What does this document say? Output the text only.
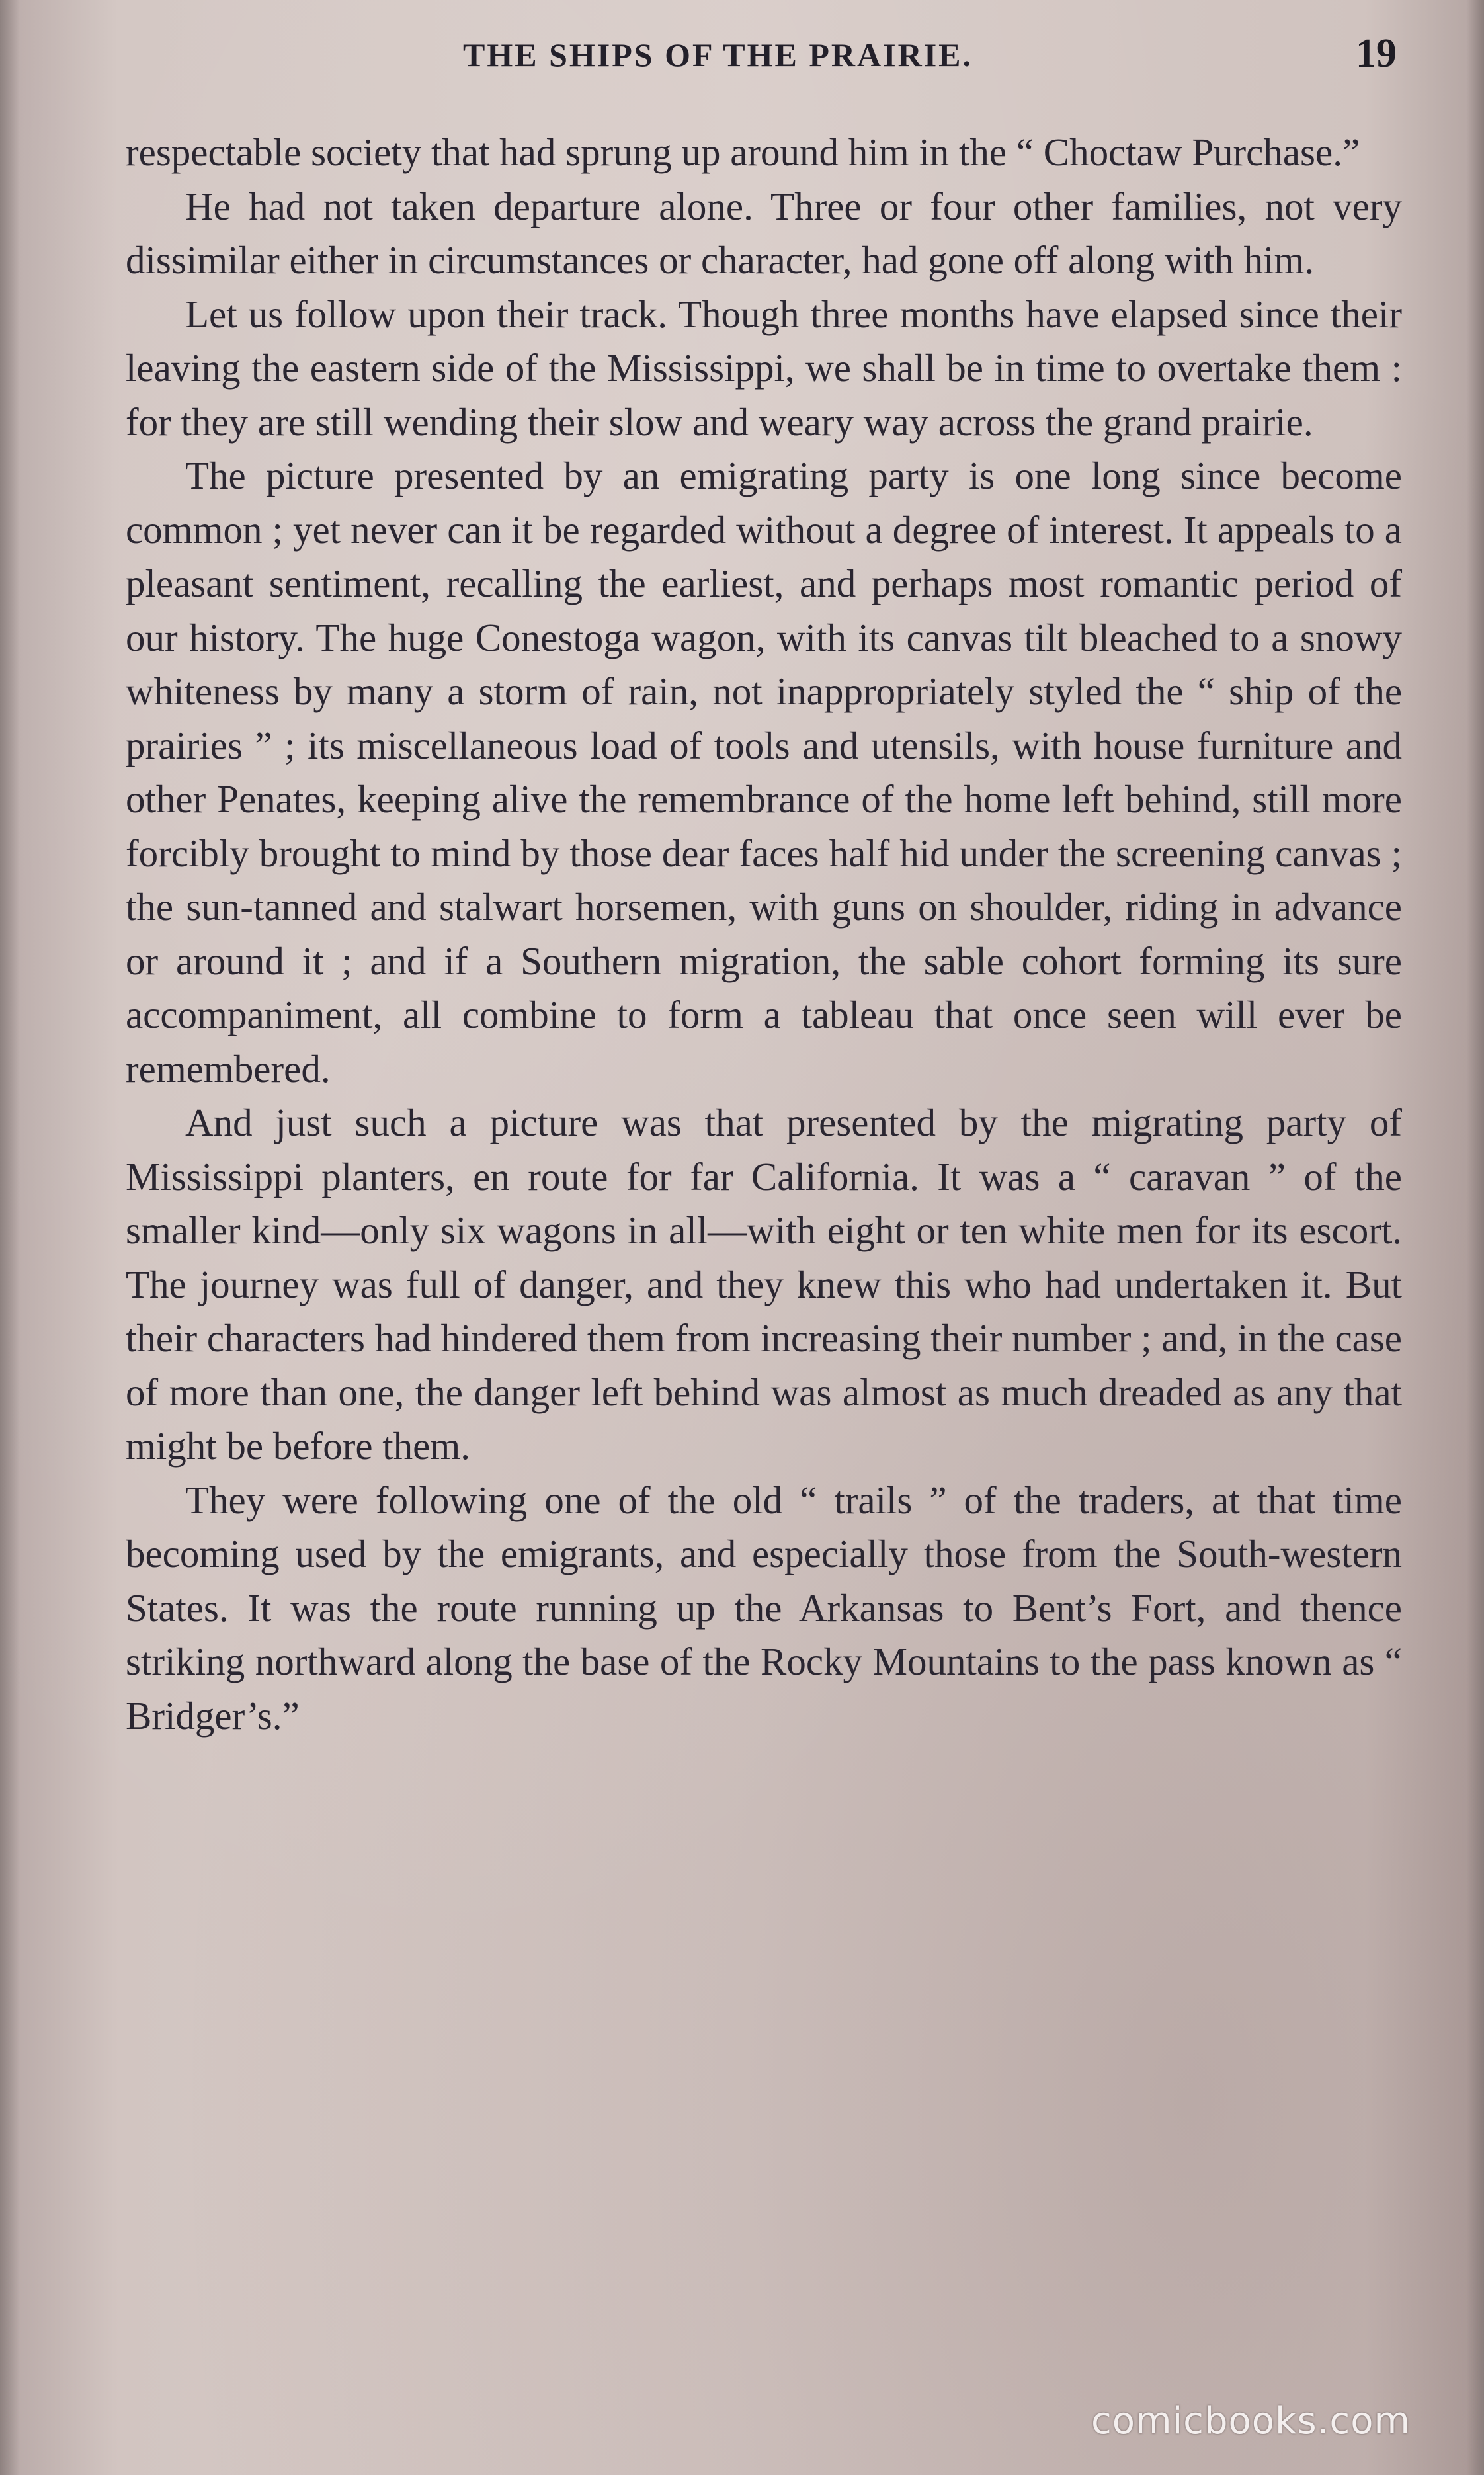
THE SHIPS OF THE PRAIRIE.	19

respectable society that had sprung up around him in the “ Choctaw Purchase.”

He had not taken departure alone. Three or four other families, not very dissimilar either in circumstances or character, had gone off along with him.

Let us follow upon their track. Though three months have elapsed since their leaving the eastern side of the Mississippi, we shall be in time to overtake them : for they are still wending their slow and weary way across the grand prairie.

The picture presented by an emigrating party is one long since become common ; yet never can it be regarded without a degree of interest. It appeals to a pleasant sentiment, recalling the earliest, and perhaps most romantic period of our history. The huge Conestoga wagon, with its canvas tilt bleached to a snowy whiteness by many a storm of rain, not inappropriately styled the “ ship of the prairies ” ; its miscellaneous load of tools and utensils, with house furniture and other Penates, keeping alive the remembrance of the home left behind, still more forcibly brought to mind by those dear faces half hid under the screening canvas ; the sun-tanned and stalwart horsemen, with guns on shoulder, riding in advance or around it ; and if a Southern migration, the sable cohort forming its sure accompaniment, all combine to form a tableau that once seen will ever be remembered.

And just such a picture was that presented by the migrating party of Mississippi planters, en route for far California. It was a “ caravan ” of the smaller kind—only six wagons in all—with eight or ten white men for its escort. The journey was full of danger, and they knew this who had undertaken it. But their characters had hindered them from increasing their number ; and, in the case of more than one, the danger left behind was almost as much dreaded as any that might be before them.

They were following one of the old “ trails ” of the traders, at that time becoming used by the emigrants, and especially those from the South-western States. It was the route running up the Arkansas to Bent’s Fort, and thence striking northward along the base of the Rocky Mountains to the pass known as “ Bridger’s.”

comicbooks.com
